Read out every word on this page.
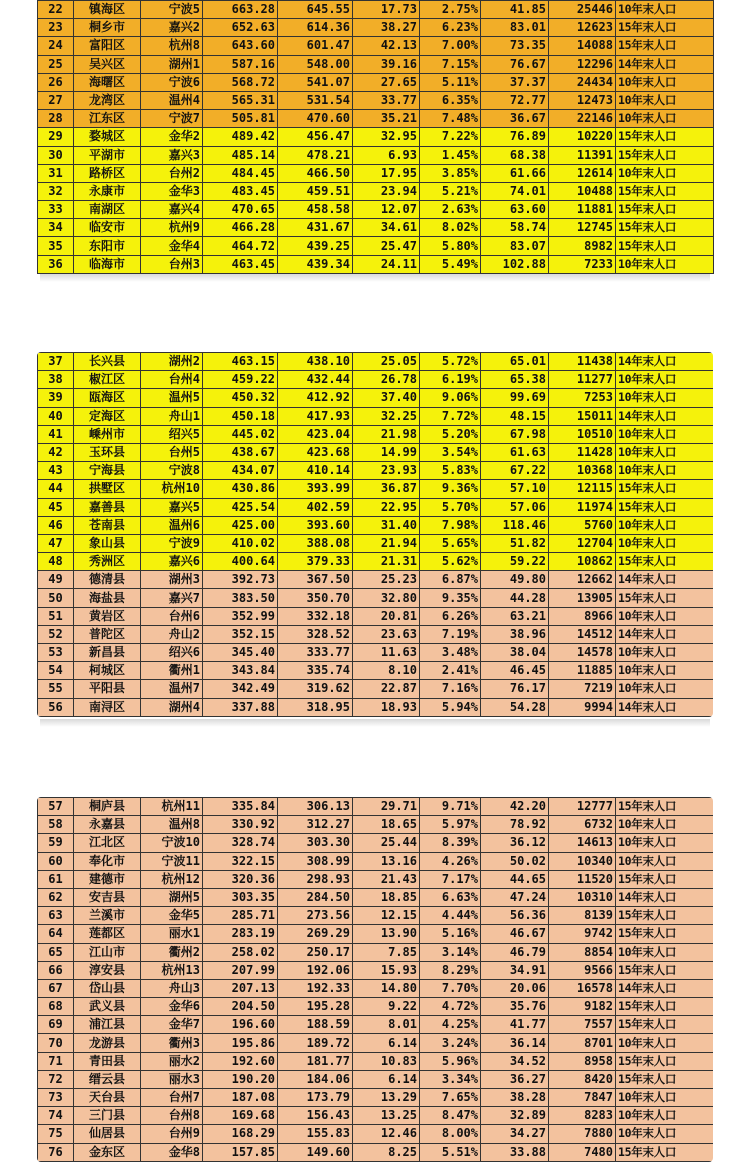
22	镇海区	宁波5	663.28	645.55	17.73	2.75%	41.85	25446	10年末人口
23	桐乡市	嘉兴2	652.63	614.36	38.27	6.23%	83.01	12623	15年末人口
24	富阳区	杭州8	643.60	601.47	42.13	7.00%	73.35	14088	15年末人口
25	吴兴区	湖州1	587.16	548.00	39.16	7.15%	76.67	12296	14年末人口
26	海曙区	宁波6	568.72	541.07	27.65	5.11%	37.37	24434	10年末人口
27	龙湾区	温州4	565.31	531.54	33.77	6.35%	72.77	12473	10年末人口
28	江东区	宁波7	505.81	470.60	35.21	7.48%	36.67	22146	10年末人口
29	婺城区	金华2	489.42	456.47	32.95	7.22%	76.89	10220	15年末人口
30	平湖市	嘉兴3	485.14	478.21	6.93	1.45%	68.38	11391	15年末人口
31	路桥区	台州2	484.45	466.50	17.95	3.85%	61.66	12614	10年末人口
32	永康市	金华3	483.45	459.51	23.94	5.21%	74.01	10488	15年末人口
33	南湖区	嘉兴4	470.65	458.58	12.07	2.63%	63.60	11881	15年末人口
34	临安市	杭州9	466.28	431.67	34.61	8.02%	58.74	12745	15年末人口
35	东阳市	金华4	464.72	439.25	25.47	5.80%	83.07	8982	15年末人口
36	临海市	台州3	463.45	439.34	24.11	5.49%	102.88	7233	10年末人口
37	长兴县	湖州2	463.15	438.10	25.05	5.72%	65.01	11438	14年末人口
38	椒江区	台州4	459.22	432.44	26.78	6.19%	65.38	11277	10年末人口
39	瓯海区	温州5	450.32	412.92	37.40	9.06%	99.69	7253	10年末人口
40	定海区	舟山1	450.18	417.93	32.25	7.72%	48.15	15011	14年末人口
41	嵊州市	绍兴5	445.02	423.04	21.98	5.20%	67.98	10510	10年末人口
42	玉环县	台州5	438.67	423.68	14.99	3.54%	61.63	11428	10年末人口
43	宁海县	宁波8	434.07	410.14	23.93	5.83%	67.22	10368	10年末人口
44	拱墅区	杭州10	430.86	393.99	36.87	9.36%	57.10	12115	15年末人口
45	嘉善县	嘉兴5	425.54	402.59	22.95	5.70%	57.06	11974	15年末人口
46	苍南县	温州6	425.00	393.60	31.40	7.98%	118.46	5760	10年末人口
47	象山县	宁波9	410.02	388.08	21.94	5.65%	51.82	12704	10年末人口
48	秀洲区	嘉兴6	400.64	379.33	21.31	5.62%	59.22	10862	15年末人口
49	德清县	湖州3	392.73	367.50	25.23	6.87%	49.80	12662	14年末人口
50	海盐县	嘉兴7	383.50	350.70	32.80	9.35%	44.28	13905	15年末人口
51	黄岩区	台州6	352.99	332.18	20.81	6.26%	63.21	8966	10年末人口
52	普陀区	舟山2	352.15	328.52	23.63	7.19%	38.96	14512	14年末人口
53	新昌县	绍兴6	345.40	333.77	11.63	3.48%	38.04	14578	10年末人口
54	柯城区	衢州1	343.84	335.74	8.10	2.41%	46.45	11885	10年末人口
55	平阳县	温州7	342.49	319.62	22.87	7.16%	76.17	7219	10年末人口
56	南浔区	湖州4	337.88	318.95	18.93	5.94%	54.28	9994	14年末人口
57	桐庐县	杭州11	335.84	306.13	29.71	9.71%	42.20	12777	15年末人口
58	永嘉县	温州8	330.92	312.27	18.65	5.97%	78.92	6732	10年末人口
59	江北区	宁波10	328.74	303.30	25.44	8.39%	36.12	14613	10年末人口
60	奉化市	宁波11	322.15	308.99	13.16	4.26%	50.02	10340	10年末人口
61	建德市	杭州12	320.36	298.93	21.43	7.17%	44.65	11520	15年末人口
62	安吉县	湖州5	303.35	284.50	18.85	6.63%	47.24	10310	14年末人口
63	兰溪市	金华5	285.71	273.56	12.15	4.44%	56.36	8139	15年末人口
64	莲都区	丽水1	283.19	269.29	13.90	5.16%	46.67	9742	15年末人口
65	江山市	衢州2	258.02	250.17	7.85	3.14%	46.79	8854	10年末人口
66	淳安县	杭州13	207.99	192.06	15.93	8.29%	34.91	9566	15年末人口
67	岱山县	舟山3	207.13	192.33	14.80	7.70%	20.06	16578	14年末人口
68	武义县	金华6	204.50	195.28	9.22	4.72%	35.76	9182	15年末人口
69	浦江县	金华7	196.60	188.59	8.01	4.25%	41.77	7557	15年末人口
70	龙游县	衢州3	195.86	189.72	6.14	3.24%	36.14	8701	10年末人口
71	青田县	丽水2	192.60	181.77	10.83	5.96%	34.52	8958	15年末人口
72	缙云县	丽水3	190.20	184.06	6.14	3.34%	36.27	8420	15年末人口
73	天台县	台州7	187.08	173.79	13.29	7.65%	38.28	7847	10年末人口
74	三门县	台州8	169.68	156.43	13.25	8.47%	32.89	8283	10年末人口
75	仙居县	台州9	168.29	155.83	12.46	8.00%	34.27	7880	10年末人口
76	金东区	金华8	157.85	149.60	8.25	5.51%	33.88	7480	15年末人口
